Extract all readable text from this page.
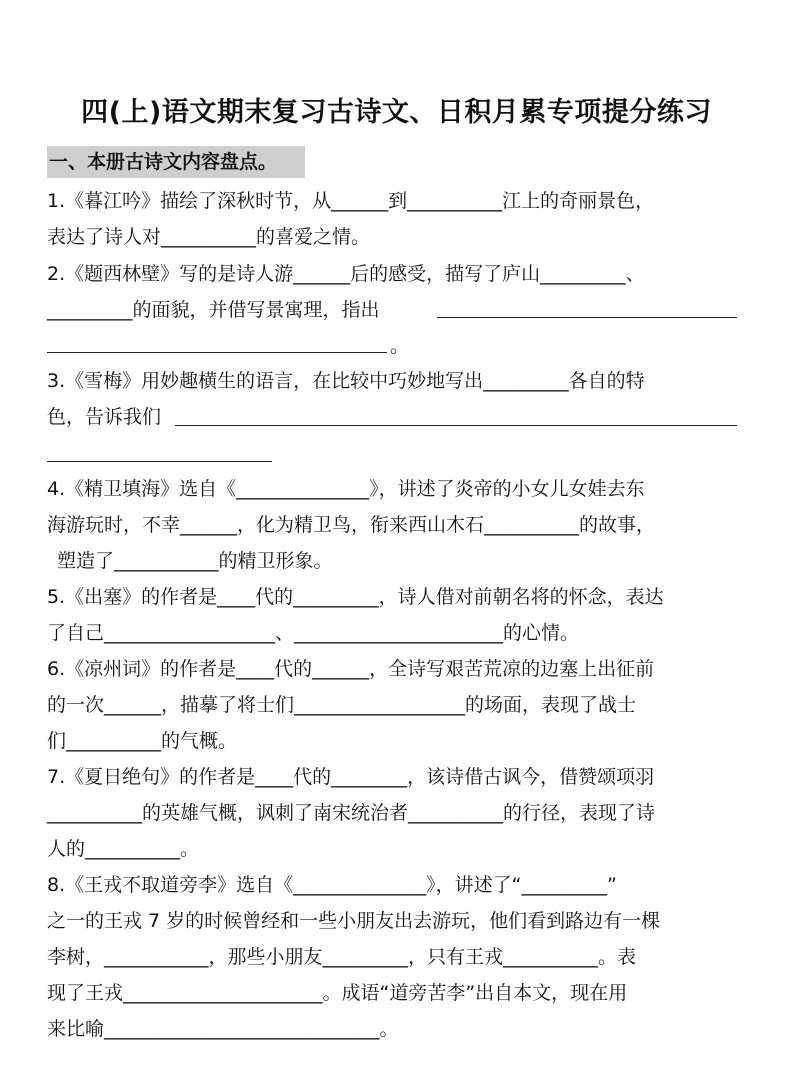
四(上)语文期末复习古诗文、日积月累专项提分练习
一、本册古诗文内容盘点。
1.《暮江吟》描绘了深秋时节，从______到__________江上的奇丽景色，
表达了诗人对__________的喜爱之情。
2.《题西林壁》写的是诗人游______后的感受，描写了庐山_________、
_________的面貌，并借写景寓理，指出
。
3.《雪梅》用妙趣横生的语言，在比较中巧妙地写出_________各自的特
色，告诉我们
4.《精卫填海》选自《______________》，讲述了炎帝的小女儿女娃去东
海游玩时，不幸______，化为精卫鸟，衔来西山木石__________的故事，
塑造了___________的精卫形象。
5.《出塞》的作者是____代的_________，诗人借对前朝名将的怀念，表达
了自己__________________、______________________的心情。
6.《凉州词》的作者是____代的______，全诗写艰苦荒凉的边塞上出征前
的一次______，描摹了将士们__________________的场面，表现了战士
们__________的气概。
7.《夏日绝句》的作者是____代的________，该诗借古讽今，借赞颂项羽
__________的英雄气概，讽刺了南宋统治者__________的行径，表现了诗
人的__________。
8.《王戎不取道旁李》选自《______________》，讲述了“_________”
之一的王戎 7 岁的时候曾经和一些小朋友出去游玩，他们看到路边有一棵
李树，___________，那些小朋友_________，只有王戎__________。表
现了王戎_____________________。成语“道旁苦李”出自本文，现在用
来比喻_____________________________。
